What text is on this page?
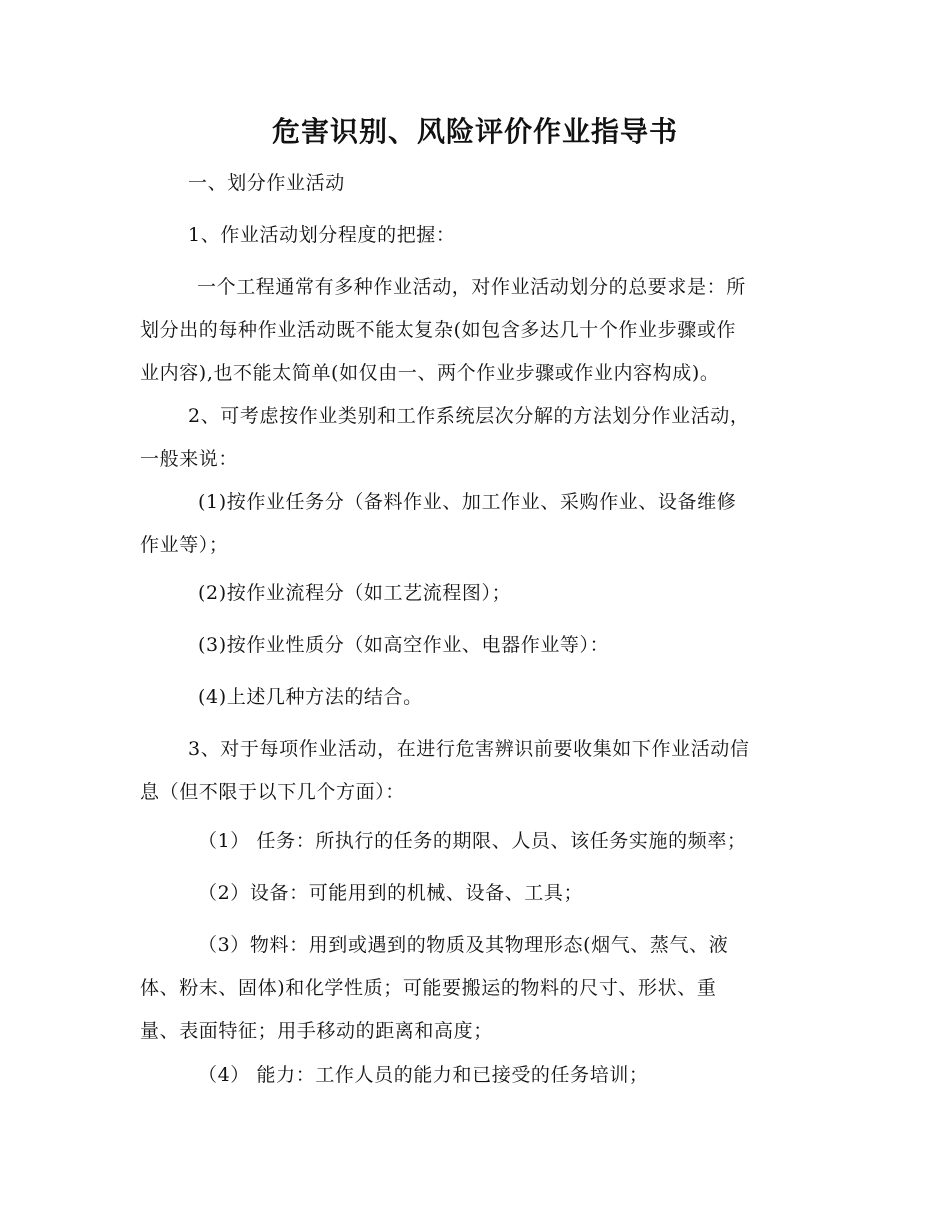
危害识别、风险评价作业指导书
一、划分作业活动
1、作业活动划分程度的把握：
一个工程通常有多种作业活动，对作业活动划分的总要求是：所
划分出的每种作业活动既不能太复杂(如包含多达几十个作业步骤或作
业内容),也不能太简单(如仅由一、两个作业步骤或作业内容构成)。
2、可考虑按作业类别和工作系统层次分解的方法划分作业活动，
一般来说：
(1)按作业任务分（备料作业、加工作业、采购作业、设备维修
作业等）；
(2)按作业流程分（如工艺流程图）；
(3)按作业性质分（如高空作业、电器作业等）：
(4)上述几种方法的结合。
3、对于每项作业活动，在进行危害辨识前要收集如下作业活动信
息（但不限于以下几个方面）：
（1） 任务：所执行的任务的期限、人员、该任务实施的频率；
（2）设备：可能用到的机械、设备、工具；
（3）物料：用到或遇到的物质及其物理形态(烟气、蒸气、液
体、粉末、固体)和化学性质；可能要搬运的物料的尺寸、形状、重
量、表面特征；用手移动的距离和高度；
（4） 能力：工作人员的能力和已接受的任务培训；
